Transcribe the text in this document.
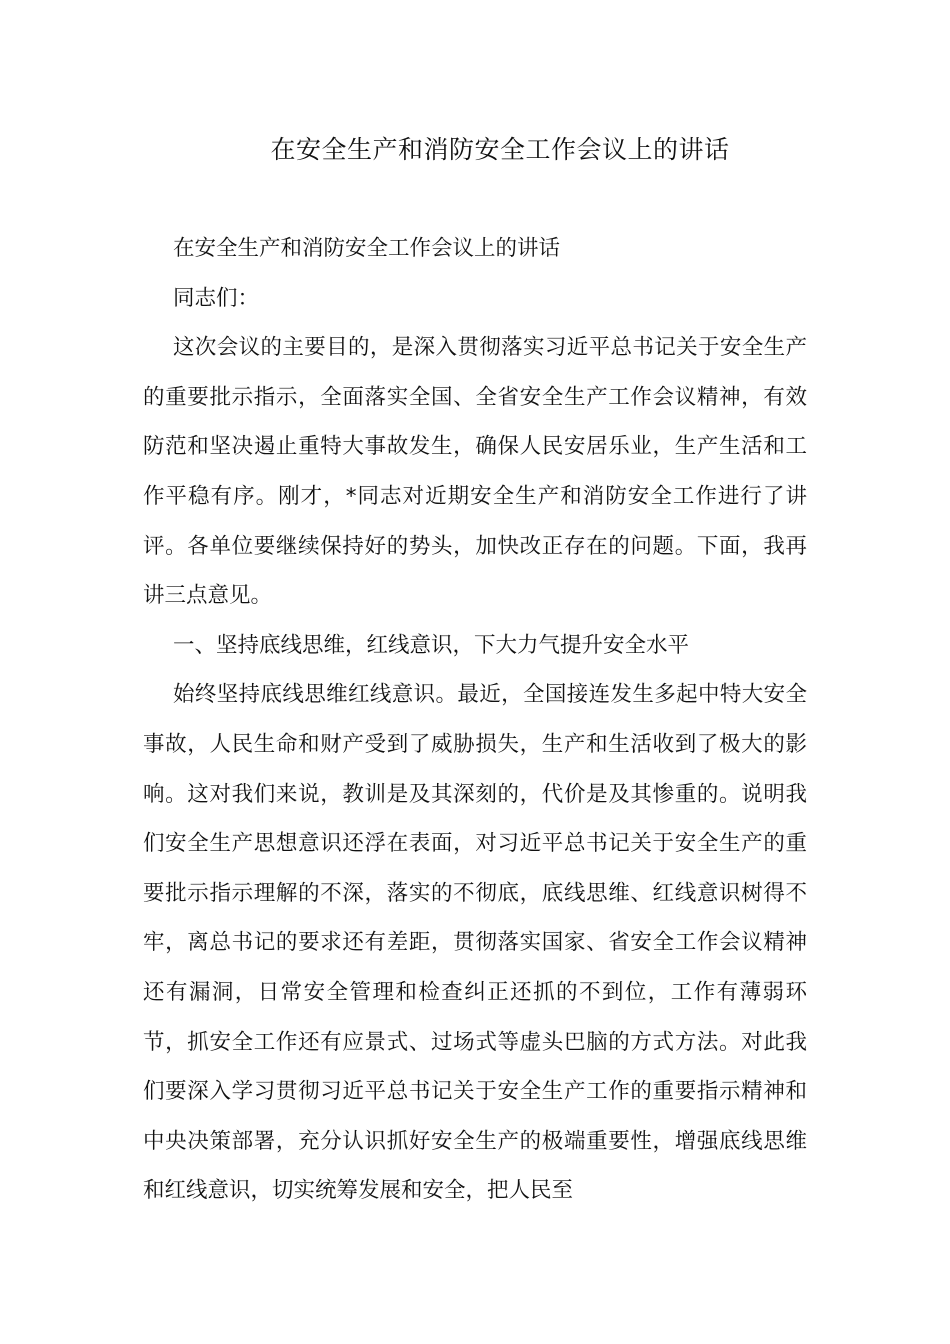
在安全生产和消防安全工作会议上的讲话

在安全生产和消防安全工作会议上的讲话

同志们：

这次会议的主要目的，是深入贯彻落实习近平总书记关于安全生产的重要批示指示，全面落实全国、全省安全生产工作会议精神，有效防范和坚决遏止重特大事故发生，确保人民安居乐业，生产生活和工作平稳有序。刚才，*同志对近期安全生产和消防安全工作进行了讲评。各单位要继续保持好的势头，加快改正存在的问题。下面，我再讲三点意见。

一、坚持底线思维，红线意识，下大力气提升安全水平

始终坚持底线思维红线意识。最近，全国接连发生多起中特大安全事故，人民生命和财产受到了威胁损失，生产和生活收到了极大的影响。这对我们来说，教训是及其深刻的，代价是及其惨重的。说明我们安全生产思想意识还浮在表面，对习近平总书记关于安全生产的重要批示指示理解的不深，落实的不彻底，底线思维、红线意识树得不牢，离总书记的要求还有差距，贯彻落实国家、省安全工作会议精神还有漏洞，日常安全管理和检查纠正还抓的不到位，工作有薄弱环节，抓安全工作还有应景式、过场式等虚头巴脑的方式方法。对此我们要深入学习贯彻习近平总书记关于安全生产工作的重要指示精神和中央决策部署，充分认识抓好安全生产的极端重要性，增强底线思维和红线意识，切实统筹发展和安全，把人民至
